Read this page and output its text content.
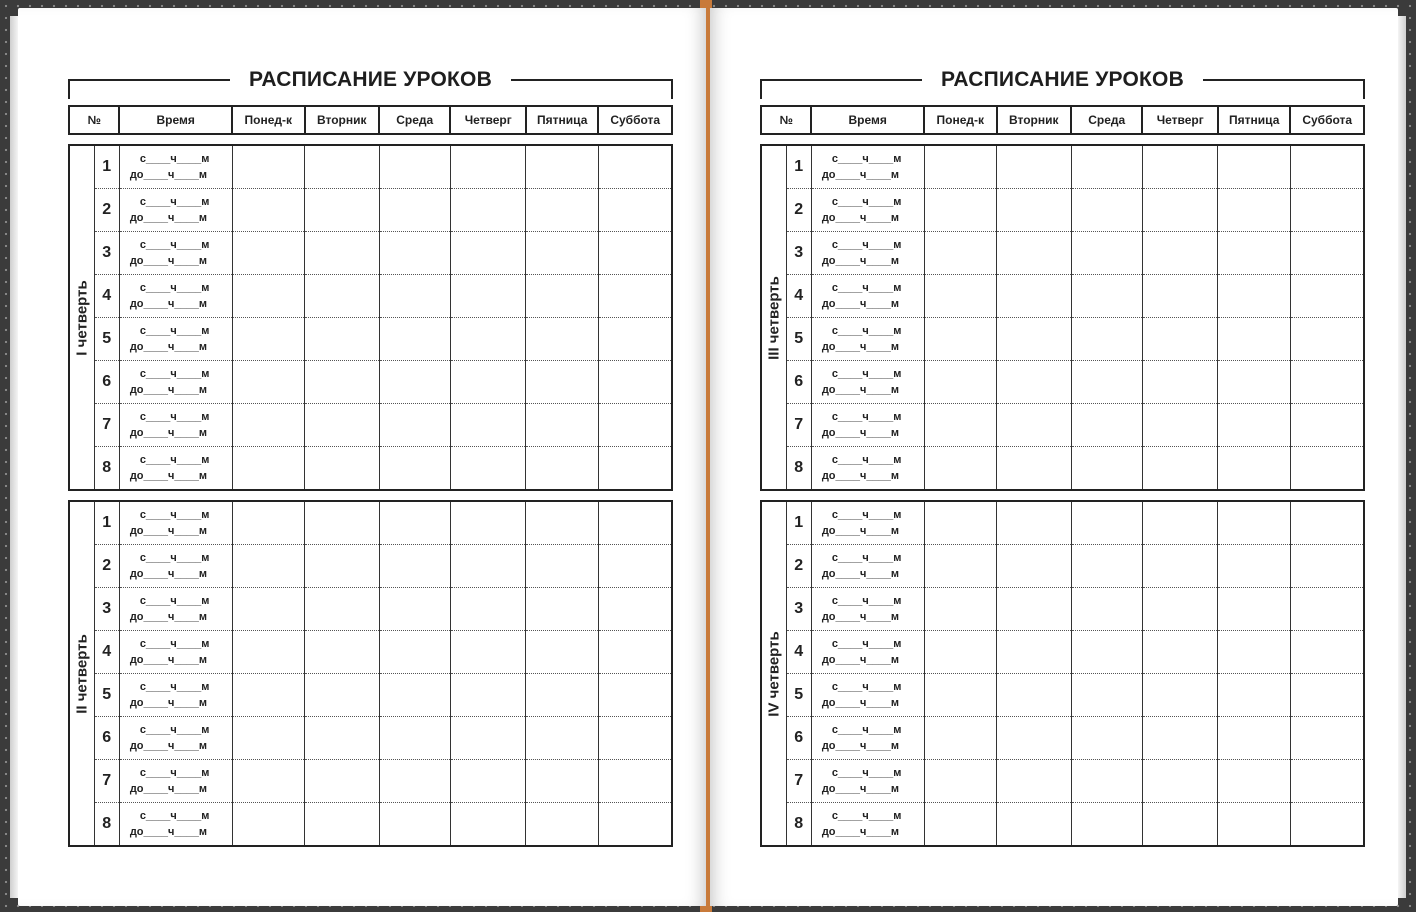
РАСПИСАНИЕ УРОКОВ
№	Время	Понед-к	Вторник	Среда	Четверг	Пятница	Суббота
I четверть	1	с____ч____м
до____ч____м						

	2	с____ч____м
до____ч____м						

	3	с____ч____м
до____ч____м						

	4	с____ч____м
до____ч____м						

	5	с____ч____м
до____ч____м						

	6	с____ч____м
до____ч____м						

	7	с____ч____м
до____ч____м						

	8	с____ч____м
до____ч____м						

II четверть	1	с____ч____м
до____ч____м						

	2	с____ч____м
до____ч____м						

	3	с____ч____м
до____ч____м						

	4	с____ч____м
до____ч____м						

	5	с____ч____м
до____ч____м						

	6	с____ч____м
до____ч____м						

	7	с____ч____м
до____ч____м						

	8	с____ч____м
до____ч____м						

РАСПИСАНИЕ УРОКОВ
№	Время	Понед-к	Вторник	Среда	Четверг	Пятница	Суббота
III четверть	1	с____ч____м
до____ч____м						

	2	с____ч____м
до____ч____м						

	3	с____ч____м
до____ч____м						

	4	с____ч____м
до____ч____м						

	5	с____ч____м
до____ч____м						

	6	с____ч____м
до____ч____м						

	7	с____ч____м
до____ч____м						

	8	с____ч____м
до____ч____м						

IV четверть	1	с____ч____м
до____ч____м						

	2	с____ч____м
до____ч____м						

	3	с____ч____м
до____ч____м						

	4	с____ч____м
до____ч____м						

	5	с____ч____м
до____ч____м						

	6	с____ч____м
до____ч____м						

	7	с____ч____м
до____ч____м						

	8	с____ч____м
до____ч____м						
